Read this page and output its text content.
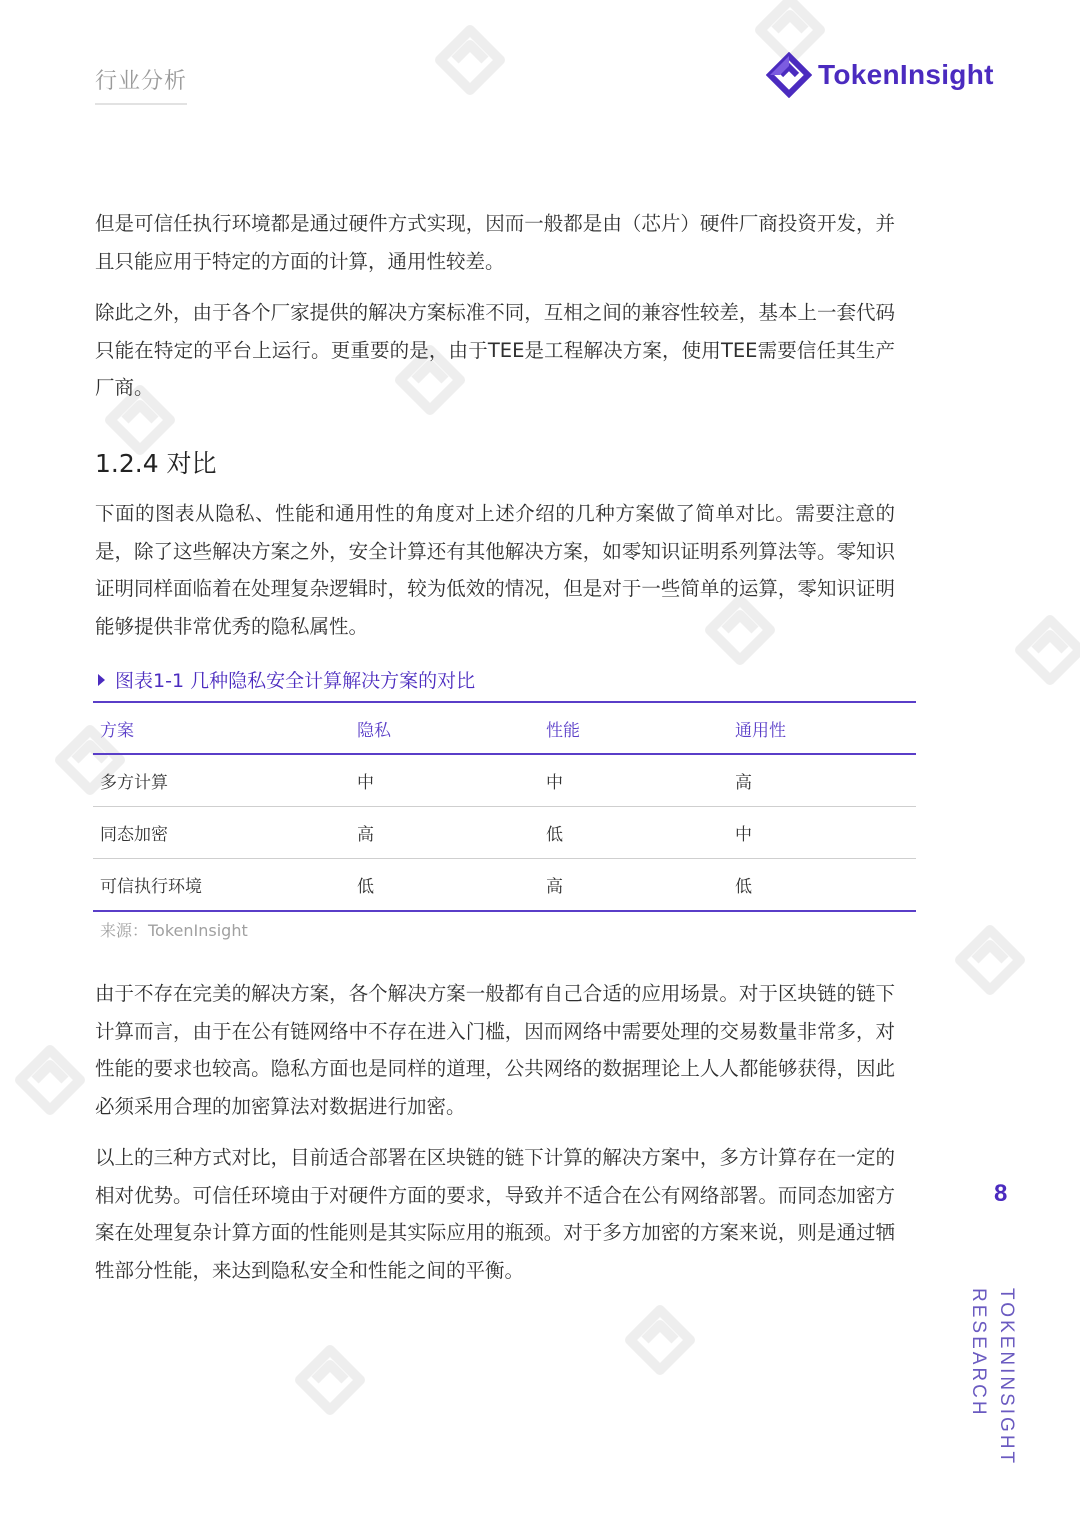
行业分析	TokenInsight

但是可信任执行环境都是通过硬件方式实现，因而一般都是由（芯片）硬件厂商投资开发，并且只能应用于特定的方面的计算，通用性较差。

除此之外，由于各个厂家提供的解决方案标准不同，互相之间的兼容性较差，基本上一套代码只能在特定的平台上运行。更重要的是，由于TEE是工程解决方案，使用TEE需要信任其生产厂商。

1.2.4 对比

下面的图表从隐私、性能和通用性的角度对上述介绍的几种方案做了简单对比。需要注意的是，除了这些解决方案之外，安全计算还有其他解决方案，如零知识证明系列算法等。零知识证明同样面临着在处理复杂逻辑时，较为低效的情况，但是对于一些简单的运算，零知识证明能够提供非常优秀的隐私属性。

图表1-1 几种隐私安全计算解决方案的对比
方案	隐私	性能	通用性
多方计算	中	中	高
同态加密	高	低	中
可信执行环境	低	高	低
来源：TokenInsight

由于不存在完美的解决方案，各个解决方案一般都有自己合适的应用场景。对于区块链的链下计算而言，由于在公有链网络中不存在进入门槛，因而网络中需要处理的交易数量非常多，对性能的要求也较高。隐私方面也是同样的道理，公共网络的数据理论上人人都能够获得，因此必须采用合理的加密算法对数据进行加密。

以上的三种方式对比，目前适合部署在区块链的链下计算的解决方案中，多方计算存在一定的相对优势。可信任环境由于对硬件方面的要求，导致并不适合在公有网络部署。而同态加密方案在处理复杂计算方面的性能则是其实际应用的瓶颈。对于多方加密的方案来说，则是通过牺牲部分性能，来达到隐私安全和性能之间的平衡。

8
TOKENINSIGHT RESEARCH
